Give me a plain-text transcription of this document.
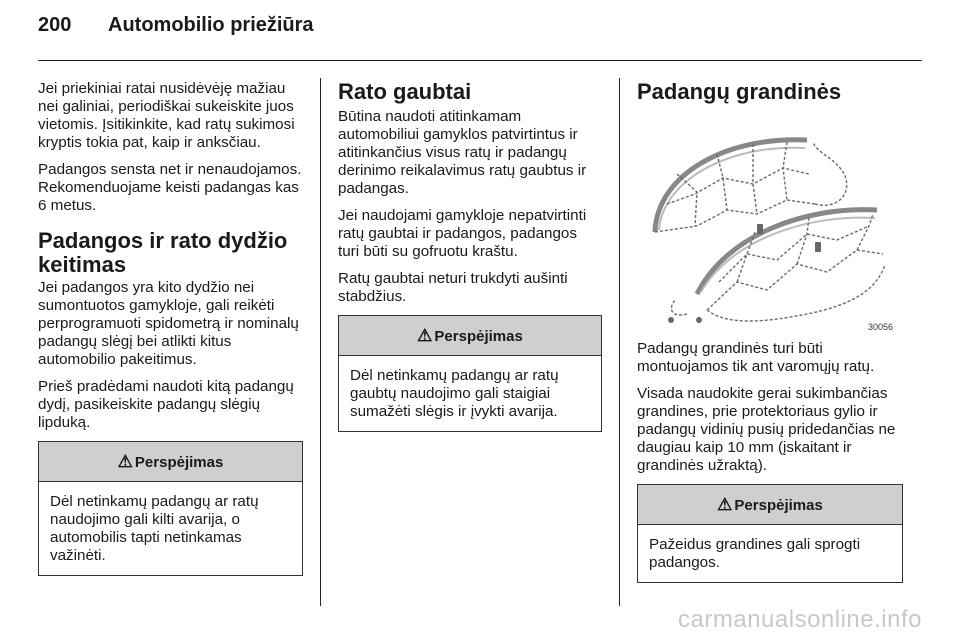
200 Automobilio priežiūra

Jei priekiniai ratai nusidėvėję mažiau nei galiniai, periodiškai sukeiskite juos vietomis. Įsitikinkite, kad ratų sukimosi kryptis tokia pat, kaip ir anksčiau.

Padangos sensta net ir nenaudojamos. Rekomenduojame keisti padangas kas 6 metus.

Padangos ir rato dydžio keitimas

Jei padangos yra kito dydžio nei sumontuotos gamykloje, gali reikėti perprogramuoti spidometrą ir nominalų padangų slėgį bei atlikti kitus automobilio pakeitimus.

Prieš pradėdami naudoti kitą padangų dydį, pasikeiskite padangų slėgių lipduką.

⚠ Perspėjimas
Dėl netinkamų padangų ar ratų naudojimo gali kilti avarija, o automobilis tapti netinkamas važinėti.
Rato gaubtai

Būtina naudoti atitinkamam automobiliui gamyklos patvirtintus ir atitinkančius visus ratų ir padangų derinimo reikalavimus ratų gaubtus ir padangas.

Jei naudojami gamykloje nepatvirtinti ratų gaubtai ir padangos, padangos turi būti su gofruotu kraštu.

Ratų gaubtai neturi trukdyti aušinti stabdžius.

⚠ Perspėjimas
Dėl netinkamų padangų ar ratų gaubtų naudojimo gali staigiai sumažėti slėgis ir įvykti avarija.
Padangų grandinės
30056

Padangų grandinės turi būti montuojamos tik ant varomųjų ratų.

Visada naudokite gerai sukimbančias grandines, prie protektoriaus gylio ir padangų vidinių pusių pridedančias ne daugiau kaip 10 mm (įskaitant ir grandinės užraktą).

⚠ Perspėjimas
Pažeidus grandines gali sprogti padangos.
carmanualsonline.info
